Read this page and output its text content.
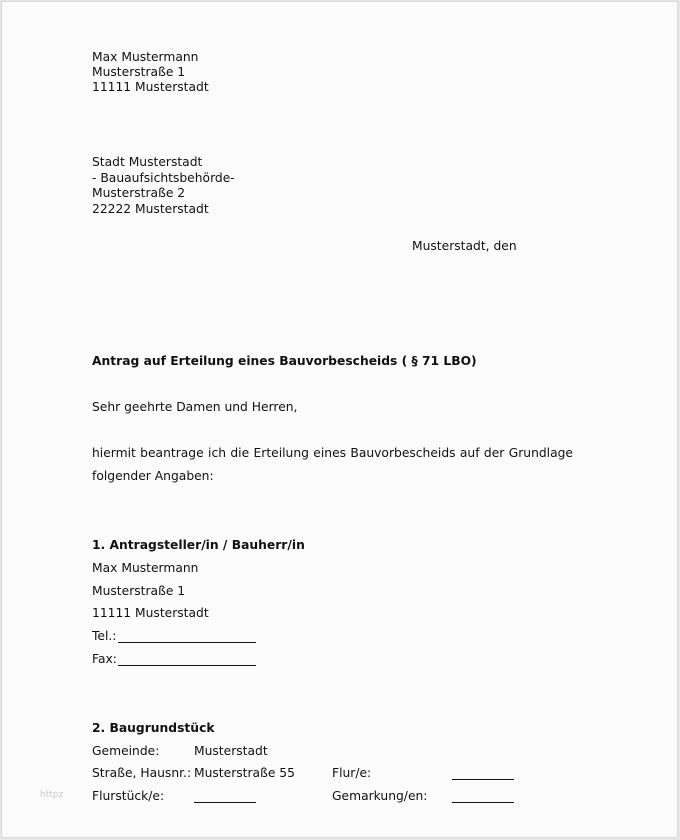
Max Mustermann
Musterstraße 1
11111 Musterstadt
Stadt Musterstadt
- Bauaufsichtsbehörde-
Musterstraße 2
22222 Musterstadt
Musterstadt, den
Antrag auf Erteilung eines Bauvorbescheids ( § 71 LBO)
Sehr geehrte Damen und Herren,
hiermit beantrage ich die Erteilung eines Bauvorbescheids auf der Grundlage
folgender Angaben:
1. Antragsteller/in / Bauherr/in
Max Mustermann
Musterstraße 1
11111 Musterstadt
Tel.:
Fax:
2. Baugrundstück
Gemeinde:	Musterstadt
Straße, Hausnr.: Musterstraße 55	Flur/e:
Flurstück/e:	Gemarkung/en:
httpz
